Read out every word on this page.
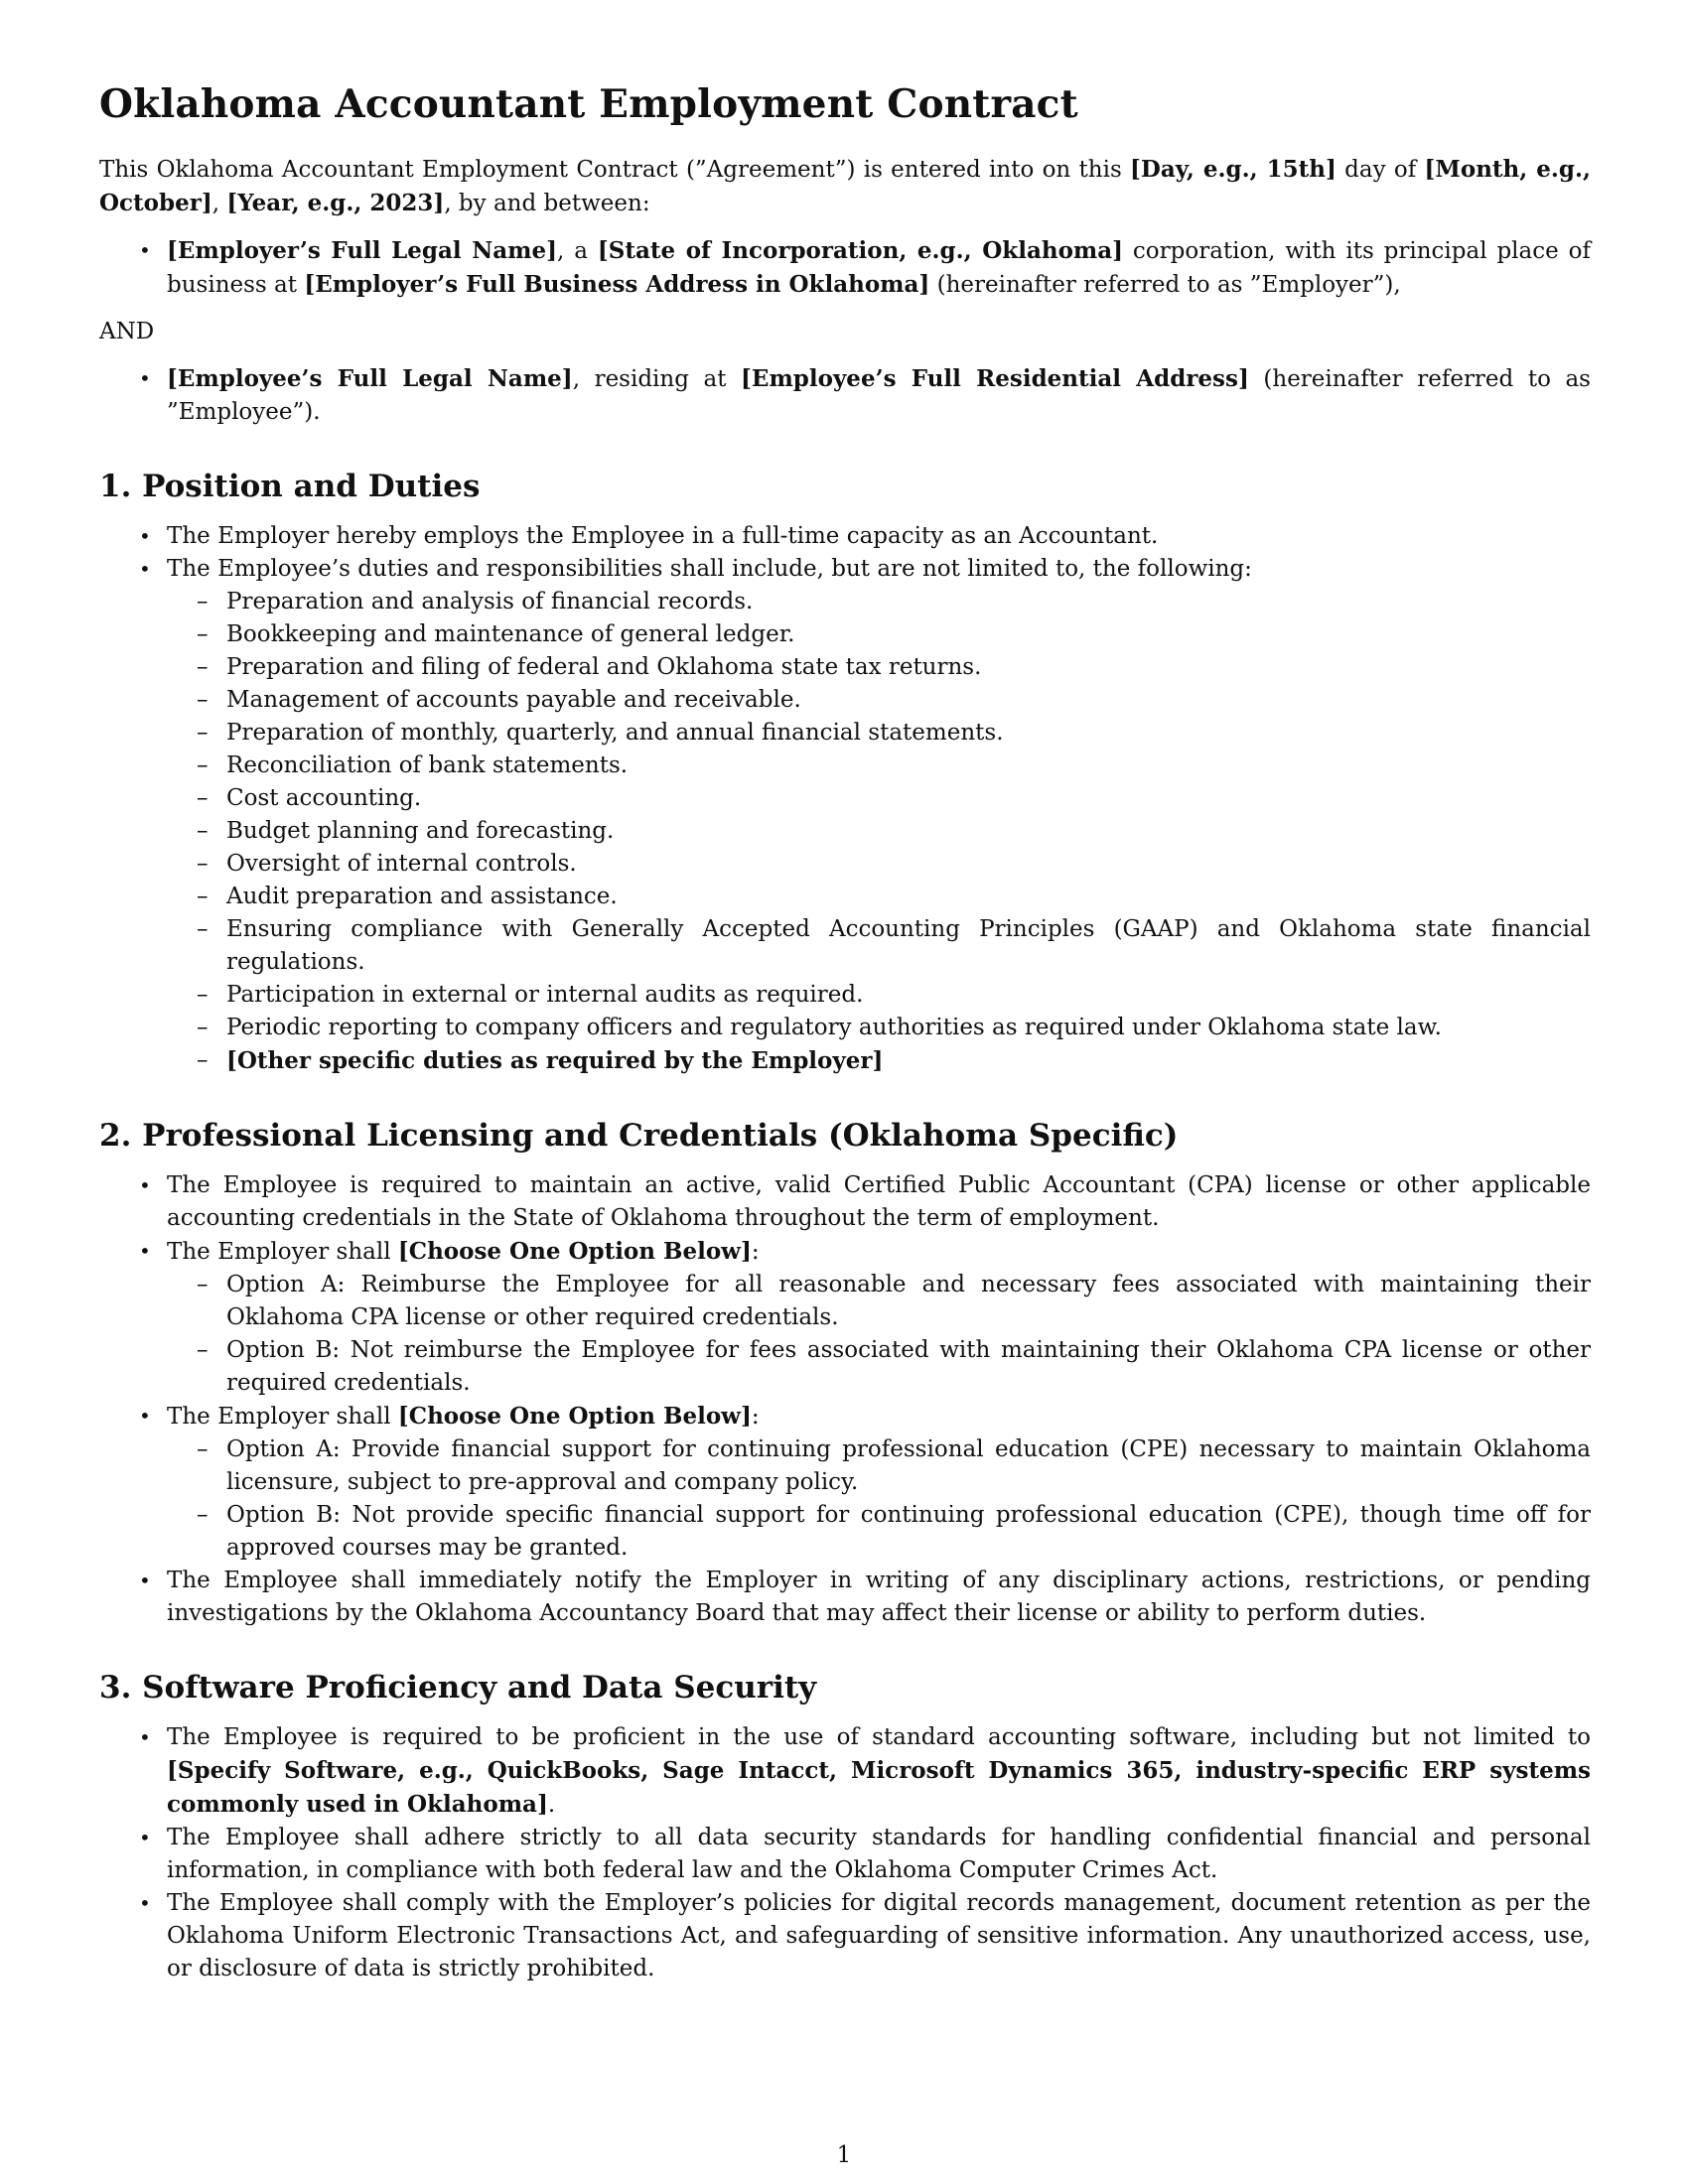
Oklahoma Accountant Employment Contract

This Oklahoma Accountant Employment Contract (”Agreement”) is entered into on this [Day, e.g., 15th] day of [Month, e.g., October], [Year, e.g., 2023], by and between:

• [Employer’s Full Legal Name], a [State of Incorporation, e.g., Oklahoma] corporation, with its principal place of business at [Employer’s Full Business Address in Oklahoma] (hereinafter referred to as ”Employer”),

AND

• [Employee’s Full Legal Name], residing at [Employee’s Full Residential Address] (hereinafter referred to as ”Employee”).
1. Position and Duties
• The Employer hereby employs the Employee in a full-time capacity as an Accountant.
• The Employee’s duties and responsibilities shall include, but are not limited to, the following:
– Preparation and analysis of financial records.
– Bookkeeping and maintenance of general ledger.
– Preparation and filing of federal and Oklahoma state tax returns.
– Management of accounts payable and receivable.
– Preparation of monthly, quarterly, and annual financial statements.
– Reconciliation of bank statements.
– Cost accounting.
– Budget planning and forecasting.
– Oversight of internal controls.
– Audit preparation and assistance.
– Ensuring compliance with Generally Accepted Accounting Principles (GAAP) and Oklahoma state financial regulations.
– Participation in external or internal audits as required.
– Periodic reporting to company officers and regulatory authorities as required under Oklahoma state law.
– [Other specific duties as required by the Employer]
2. Professional Licensing and Credentials (Oklahoma Specific)
• The Employee is required to maintain an active, valid Certified Public Accountant (CPA) license or other applicable accounting credentials in the State of Oklahoma throughout the term of employment.
• The Employer shall [Choose One Option Below]:
– Option A: Reimburse the Employee for all reasonable and necessary fees associated with maintaining their Oklahoma CPA license or other required credentials.
– Option B: Not reimburse the Employee for fees associated with maintaining their Oklahoma CPA license or other required credentials.
• The Employer shall [Choose One Option Below]:
– Option A: Provide financial support for continuing professional education (CPE) necessary to maintain Oklahoma licensure, subject to pre-approval and company policy.
– Option B: Not provide specific financial support for continuing professional education (CPE), though time off for approved courses may be granted.
• The Employee shall immediately notify the Employer in writing of any disciplinary actions, restrictions, or pending investigations by the Oklahoma Accountancy Board that may affect their license or ability to perform duties.
3. Software Proficiency and Data Security
• The Employee is required to be proficient in the use of standard accounting software, including but not limited to [Specify Software, e.g., QuickBooks, Sage Intacct, Microsoft Dynamics 365, industry-specific ERP systems commonly used in Oklahoma].
• The Employee shall adhere strictly to all data security standards for handling confidential financial and personal information, in compliance with both federal law and the Oklahoma Computer Crimes Act.
• The Employee shall comply with the Employer’s policies for digital records management, document retention as per the Oklahoma Uniform Electronic Transactions Act, and safeguarding of sensitive information. Any unauthorized access, use, or disclosure of data is strictly prohibited.
1
